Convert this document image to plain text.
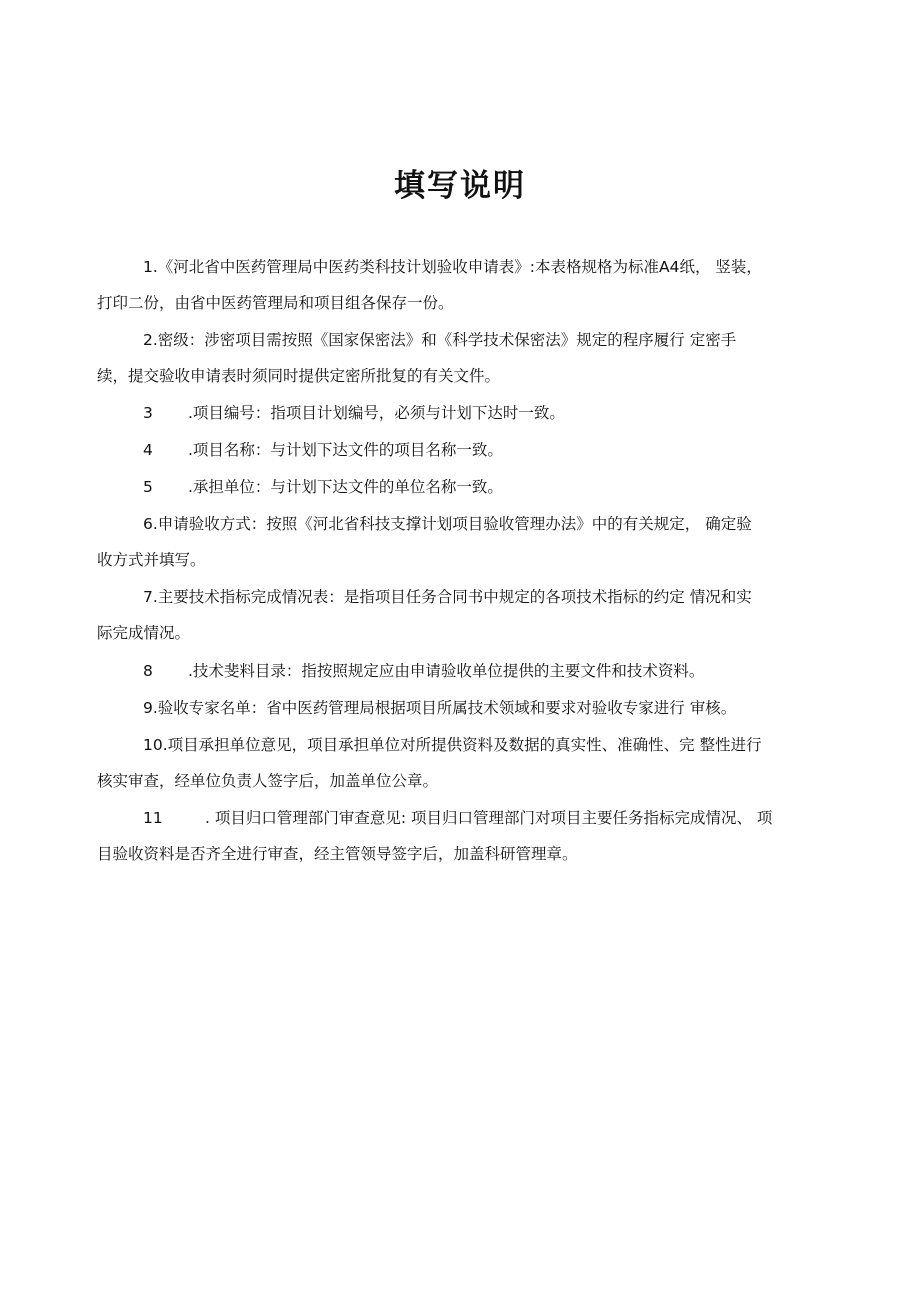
填写说明
1.《河北省中医药管理局中医药类科技计划验收申请表》:本表格规格为标准A4纸， 竖装，
打印二份，由省中医药管理局和项目组各保存一份。
2.密级：涉密项目需按照《国家保密法》和《科学技术保密法》规定的程序履行 定密手
续，提交验收申请表时须同时提供定密所批复的有关文件。
3 .项目编号：指项目计划编号，必须与计划下达时一致。
4 .项目名称：与计划下达文件的项目名称一致。
5 .承担单位：与计划下达文件的单位名称一致。
6.申请验收方式：按照《河北省科技支撑计划项目验收管理办法》中的有关规定， 确定验
收方式并填写。
7.主要技术指标完成情况表：是指项目任务合同书中规定的各项技术指标的约定 情况和实
际完成情况。
8 .技术斐料目录：指按照规定应由申请验收单位提供的主要文件和技术资料。
9.验收专家名单：省中医药管理局根据项目所属技术领域和要求对验收专家进行 审核。
10.项目承担单位意见，项目承担单位对所提供资料及数据的真实性、准确性、完 整性进行
核实审查，经单位负责人签字后，加盖单位公章。
11	. 项目归口管理部门审查意见: 项目归口管理部门对项目主要任务指标完成情况、 项
目验收资料是否齐全进行审查，经主管领导签字后，加盖科研管理章。
